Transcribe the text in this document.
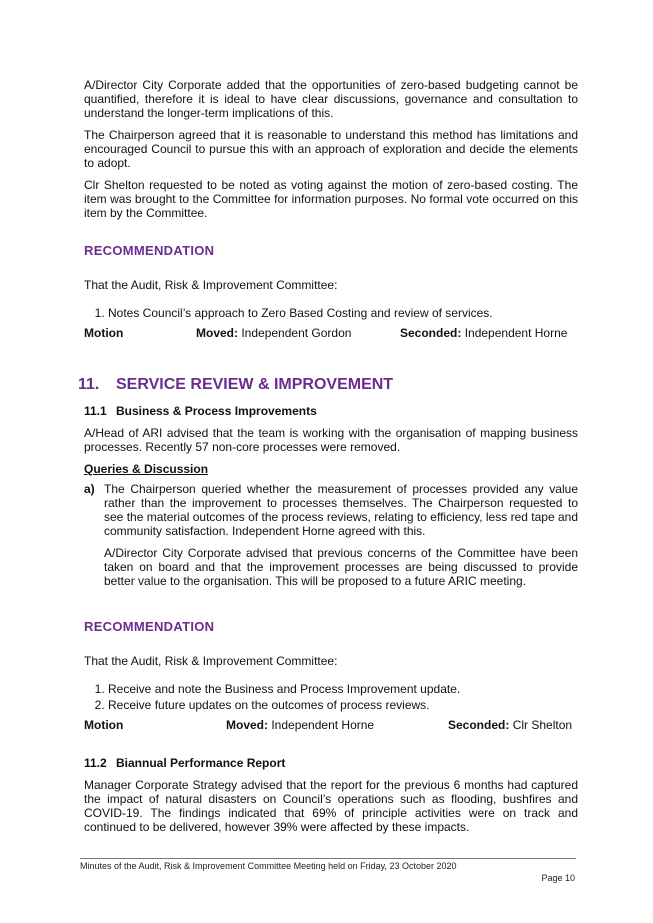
A/Director City Corporate added that the opportunities of zero-based budgeting cannot be quantified, therefore it is ideal to have clear discussions, governance and consultation to understand the longer-term implications of this.

The Chairperson agreed that it is reasonable to understand this method has limitations and encouraged Council to pursue this with an approach of exploration and decide the elements to adopt.

Clr Shelton requested to be noted as voting against the motion of zero-based costing. The item was brought to the Committee for information purposes. No formal vote occurred on this item by the Committee.

RECOMMENDATION

That the Audit, Risk & Improvement Committee:

1. Notes Council’s approach to Zero Based Costing and review of services.
Motion	Moved: Independent Gordon	Seconded: Independent Horne
11.	SERVICE REVIEW & IMPROVEMENT
11.1 Business & Process Improvements

A/Head of ARI advised that the team is working with the organisation of mapping business processes. Recently 57 non-core processes were removed.

Queries & Discussion
a) The Chairperson queried whether the measurement of processes provided any value rather than the improvement to processes themselves. The Chairperson requested to see the material outcomes of the process reviews, relating to efficiency, less red tape and community satisfaction. Independent Horne agreed with this.

A/Director City Corporate advised that previous concerns of the Committee have been taken on board and that the improvement processes are being discussed to provide better value to the organisation. This will be proposed to a future ARIC meeting.

RECOMMENDATION

That the Audit, Risk & Improvement Committee:

1. Receive and note the Business and Process Improvement update.
2. Receive future updates on the outcomes of process reviews.
Motion	Moved: Independent Horne	Seconded: Clr Shelton
11.2 Biannual Performance Report

Manager Corporate Strategy advised that the report for the previous 6 months had captured the impact of natural disasters on Council’s operations such as flooding, bushfires and COVID-19. The findings indicated that 69% of principle activities were on track and continued to be delivered, however 39% were affected by these impacts.

Minutes of the Audit, Risk & Improvement Committee Meeting held on Friday, 23 October 2020
Page 10
